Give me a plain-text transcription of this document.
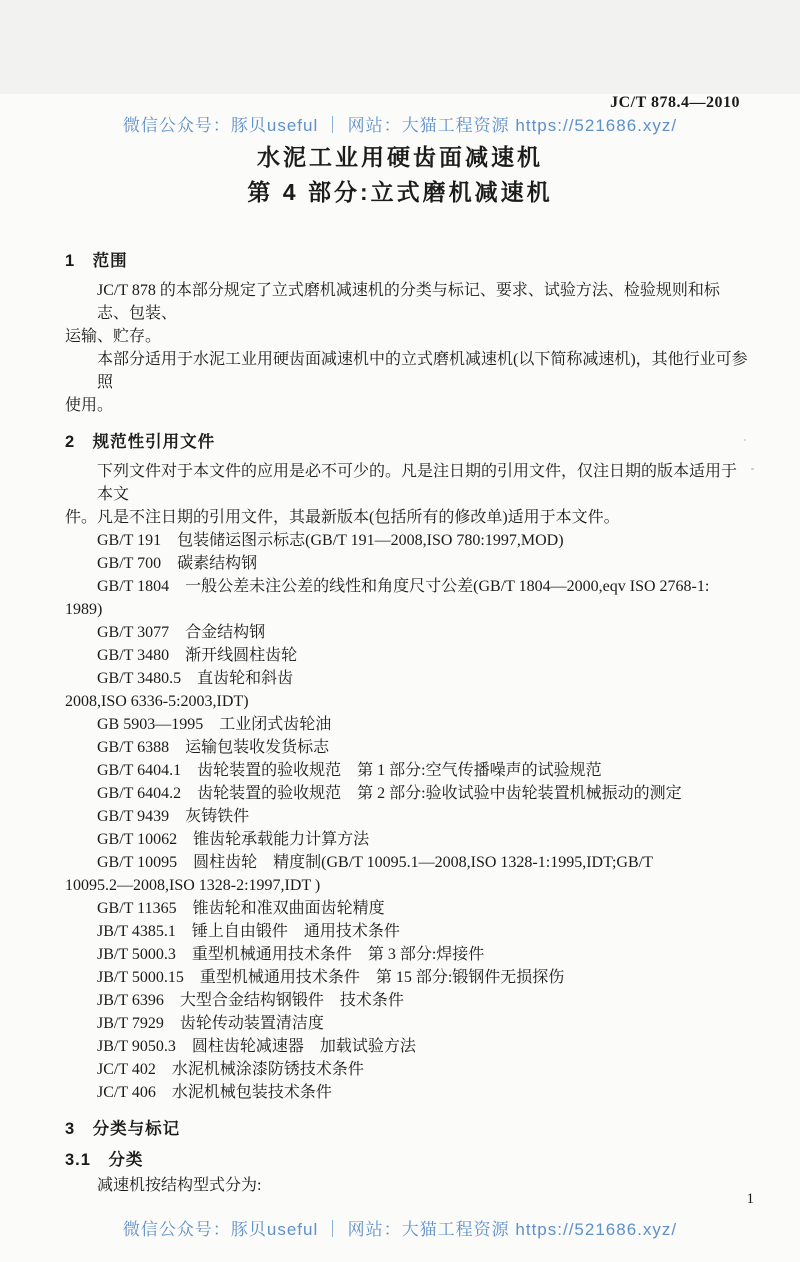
微信公众号：豚贝useful ｜ 网站：大猫工程资源 https://521686.xyz/
JC/T 878.4—2010
水泥工业用硬齿面减速机
第 4 部分:立式磨机减速机
1　范围
JC/T 878 的本部分规定了立式磨机减速机的分类与标记、要求、试验方法、检验规则和标志、包装、
运输、贮存。
本部分适用于水泥工业用硬齿面减速机中的立式磨机减速机(以下简称减速机)，其他行业可参照
使用。
2　规范性引用文件
下列文件对于本文件的应用是必不可少的。凡是注日期的引用文件，仅注日期的版本适用于本文
件。凡是不注日期的引用文件，其最新版本(包括所有的修改单)适用于本文件。
GB/T 191　包装储运图示标志(GB/T 191—2008,ISO 780:1997,MOD)
GB/T 700　碳素结构钢
GB/T 1804　一般公差未注公差的线性和角度尺寸公差(GB/T 1804—2000,eqv ISO 2768-1:
1989)
GB/T 3077　合金结构钢
GB/T 3480　渐开线圆柱齿轮
GB/T 3480.5　直齿轮和斜齿
2008,ISO 6336-5:2003,IDT)
GB 5903—1995　工业闭式齿轮油
GB/T 6388　运输包装收发货标志
GB/T 6404.1　齿轮装置的验收规范　第 1 部分:空气传播噪声的试验规范
GB/T 6404.2　齿轮装置的验收规范　第 2 部分:验收试验中齿轮装置机械振动的测定
GB/T 9439　灰铸铁件
GB/T 10062　锥齿轮承载能力计算方法
GB/T 10095　圆柱齿轮　精度制(GB/T 10095.1—2008,ISO 1328-1:1995,IDT;GB/T
10095.2—2008,ISO 1328-2:1997,IDT )
GB/T 11365　锥齿轮和准双曲面齿轮精度
JB/T 4385.1　锤上自由锻件　通用技术条件
JB/T 5000.3　重型机械通用技术条件　第 3 部分:焊接件
JB/T 5000.15　重型机械通用技术条件　第 15 部分:锻钢件无损探伤
JB/T 6396　大型合金结构钢锻件　技术条件
JB/T 7929　齿轮传动装置清洁度
JB/T 9050.3　圆柱齿轮减速器　加载试验方法
JC/T 402　水泥机械涂漆防锈技术条件
JC/T 406　水泥机械包装技术条件
3　分类与标记
3.1　分类
减速机按结构型式分为:
1
微信公众号：豚贝useful ｜ 网站：大猫工程资源 https://521686.xyz/
